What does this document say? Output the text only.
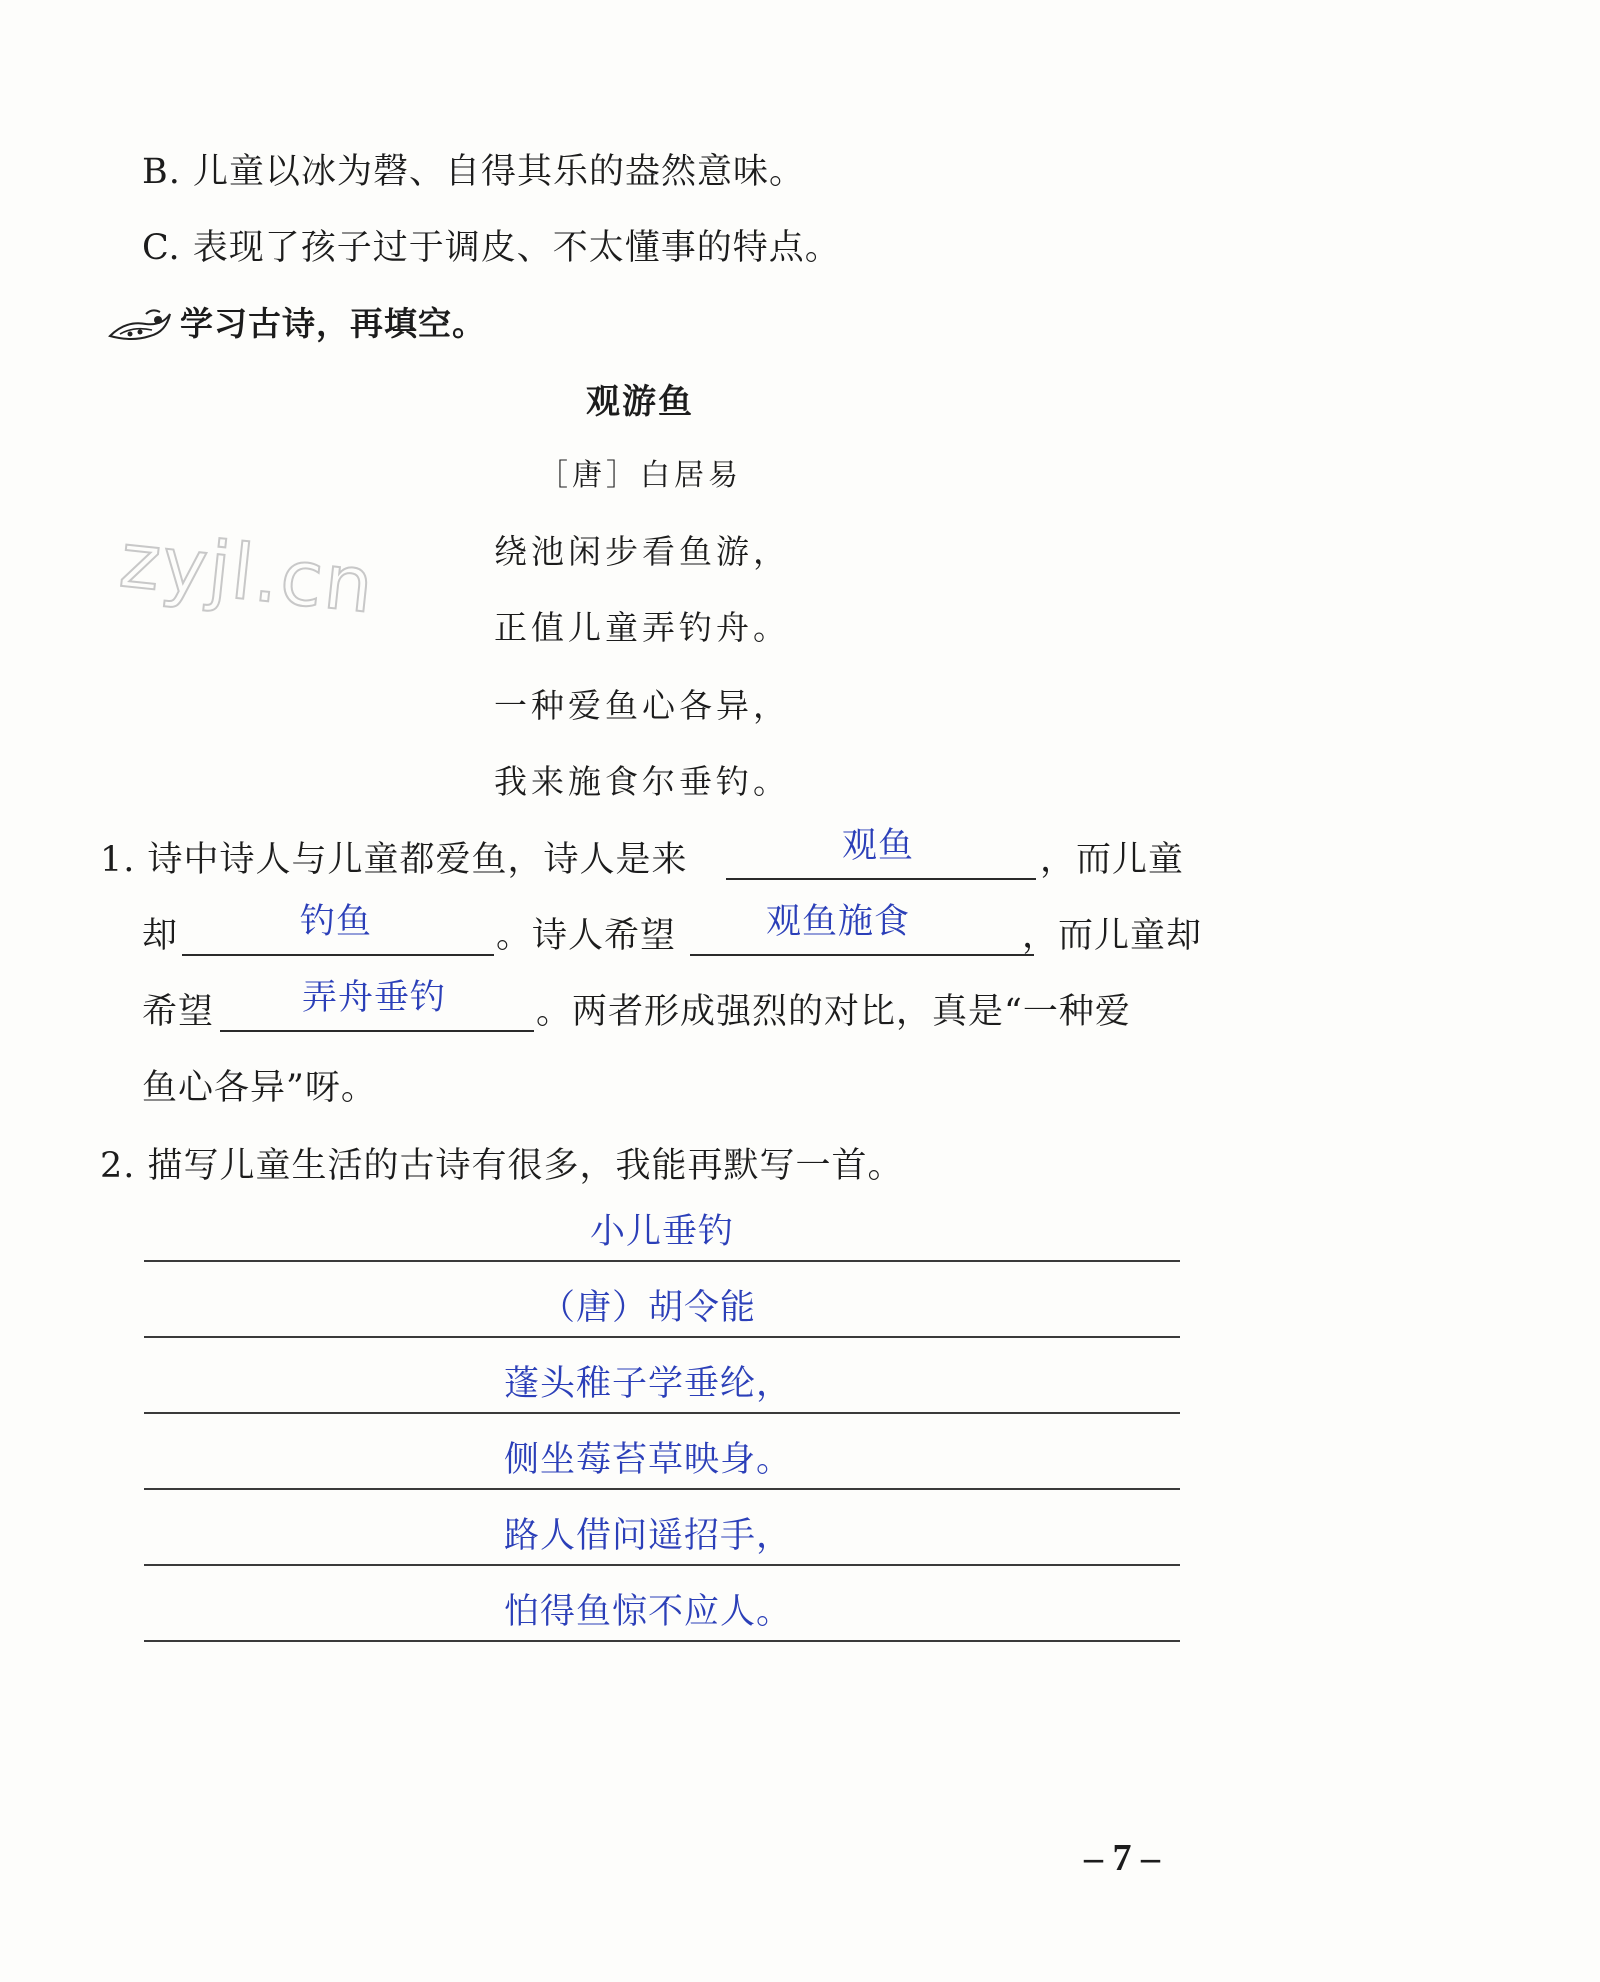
B. 儿童以冰为磬、自得其乐的盎然意味。
C. 表现了孩子过于调皮、不太懂事的特点。
学习古诗，再填空。
观游鱼
［唐］白居易
绕池闲步看鱼游，
正值儿童弄钓舟。
一种爱鱼心各异，
我来施食尔垂钓。
zyjl.cn
1. 诗中诗人与儿童都爱鱼，诗人是来	观鱼	，而儿童
却	钓鱼	。诗人希望	观鱼施食	，而儿童却
希望	弄舟垂钓	。两者形成强烈的对比，真是“一种爱
鱼心各异”呀。
2. 描写儿童生活的古诗有很多，我能再默写一首。
小儿垂钓
（唐）胡令能
蓬头稚子学垂纶，
侧坐莓苔草映身。
路人借问遥招手，
怕得鱼惊不应人。
– 7 –
